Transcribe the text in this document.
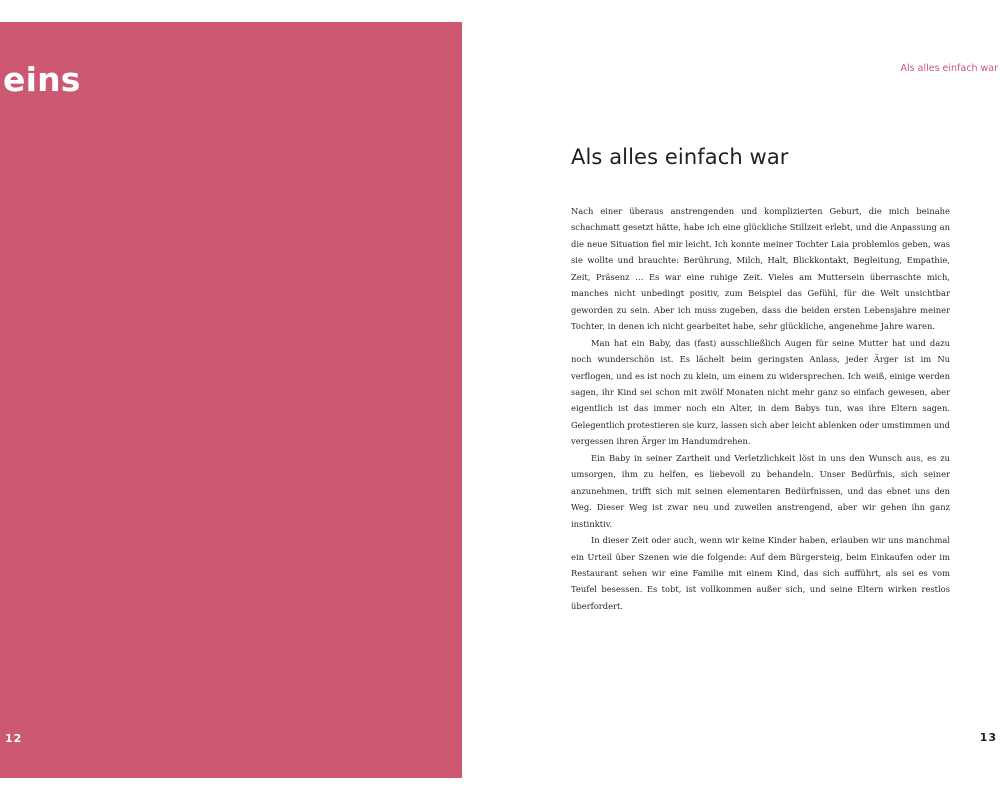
eins
12
Als alles einfach war
Als alles einfach war

Nach einer überaus anstrengenden und komplizierten Geburt, die mich beinahe schachmatt gesetzt hätte, habe ich eine glückliche Stillzeit erlebt, und die Anpassung an die neue Situation fiel mir leicht. Ich konnte meiner Tochter Laia problemlos geben, was sie wollte und brauchte: Berührung, Milch, Halt, Blickkontakt, Begleitung, Empathie, Zeit, Präsenz … Es war eine ruhige Zeit. Vieles am Muttersein überraschte mich, manches nicht unbedingt positiv, zum Beispiel das Gefühl, für die Welt unsichtbar geworden zu sein. Aber ich muss zugeben, dass die beiden ersten Lebensjahre meiner Tochter, in denen ich nicht gearbeitet habe, sehr glückliche, angenehme Jahre waren.

Man hat ein Baby, das (fast) ausschließlich Augen für seine Mutter hat und dazu noch wunderschön ist. Es lächelt beim geringsten Anlass, jeder Ärger ist im Nu verflogen, und es ist noch zu klein, um einem zu widersprechen. Ich weiß, einige werden sagen, ihr Kind sei schon mit zwölf Monaten nicht mehr ganz so einfach gewesen, aber eigentlich ist das immer noch ein Alter, in dem Babys tun, was ihre Eltern sagen. Gelegentlich protestieren sie kurz, lassen sich aber leicht ablenken oder umstimmen und vergessen ihren Ärger im Handumdrehen.

Ein Baby in seiner Zartheit und Verletzlichkeit löst in uns den Wunsch aus, es zu umsorgen, ihm zu helfen, es liebevoll zu behandeln. Unser Bedürfnis, sich seiner anzunehmen, trifft sich mit seinen elementaren Bedürfnissen, und das ebnet uns den Weg. Dieser Weg ist zwar neu und zuweilen anstrengend, aber wir gehen ihn ganz instinktiv.

In dieser Zeit oder auch, wenn wir keine Kinder haben, erlauben wir uns manchmal ein Urteil über Szenen wie die folgende: Auf dem Bürgersteig, beim Einkaufen oder im Restaurant sehen wir eine Familie mit einem Kind, das sich aufführt, als sei es vom Teufel besessen. Es tobt, ist vollkommen außer sich, und seine Eltern wirken restlos überfordert.

13
